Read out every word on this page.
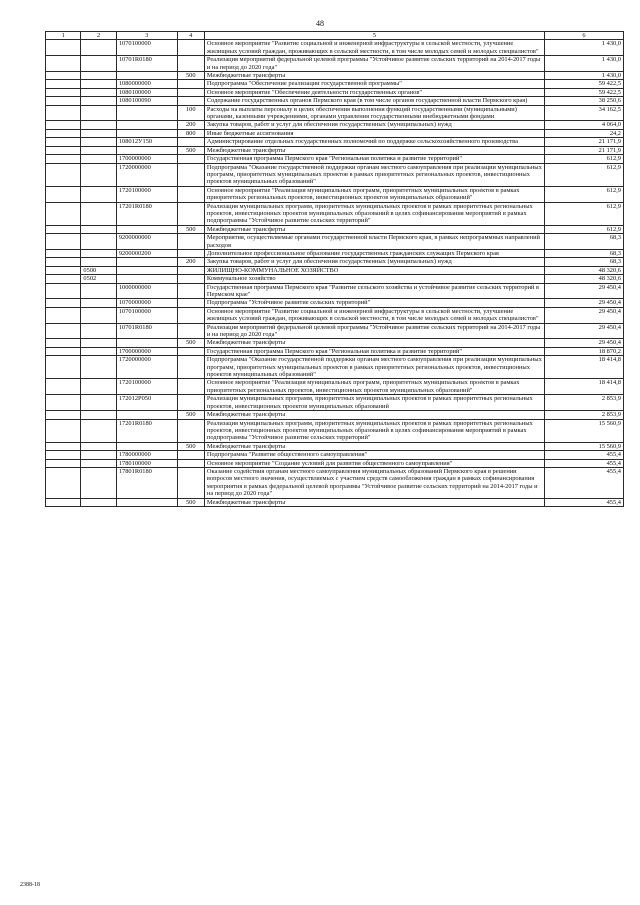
48
1	2	3	4	5	6
		1070100000		Основное мероприятие "Развитие социальной и инженерной инфраструктуры в сельской местности, улучшение жилищных условий граждан, проживающих в сельской местности, в том числе молодых семей и молодых специалистов"	1 430,0
		10701R0180		Реализация мероприятий федеральной целевой программы "Устойчивое развитие сельских территорий на 2014-2017 годы и на период до 2020 года"	1 430,0
			500	Межбюджетные трансферты	1 430,0
		1080000000		Подпрограмма "Обеспечение реализации государственной программы"	59 422,5
		1080100000		Основное мероприятие "Обеспечение деятельности государственных органов"	59 422,5
		1080100090		Содержание государственных органов Пермского края (в том числе органов государственной власти Пермского края)	38 250,6
			100	Расходы на выплаты персоналу в целях обеспечения выполнения функций государственными (муниципальными) органами, казенными учреждениями, органами управления государственными внебюджетными фондами	34 162,5
			200	Закупка товаров, работ и услуг для обеспечения государственных (муниципальных) нужд	4 064,0
			800	Иные бюджетные ассигнования	24,2
		108012У150		Администрирование отдельных государственных полномочий по поддержке сельскохозяйственного производства	21 171,9
			500	Межбюджетные трансферты	21 171,9
		1700000000		Государственная программа Пермского края "Региональная политика и развитие территорий"	612,9
		1720000000		Подпрограмма "Оказание государственной поддержки органам местного самоуправления при реализации муниципальных программ, приоритетных муниципальных проектов в рамках приоритетных региональных проектов, инвестиционных проектов муниципальных образований"	612,9
		1720100000		Основное мероприятие "Реализация муниципальных программ, приоритетных муниципальных проектов в рамках приоритетных региональных проектов, инвестиционных проектов муниципальных образований"	612,9
		17201R0180		Реализация муниципальных программ, приоритетных муниципальных проектов в рамках приоритетных региональных проектов, инвестиционных проектов муниципальных образований в целях софинансирования мероприятий в рамках подпрограммы "Устойчивое развитие сельских территорий"	612,9
			500	Межбюджетные трансферты	612,9
		9200000000		Мероприятия, осуществляемые органами государственной власти Пермского края, в рамках непрограммных направлений расходов	68,3
		9200000200		Дополнительное профессиональное образование государственных гражданских служащих Пермского края	68,3
			200	Закупка товаров, работ и услуг для обеспечения государственных (муниципальных) нужд	68,3
	0500			ЖИЛИЩНО-КОММУНАЛЬНОЕ ХОЗЯЙСТВО	48 320,6
	0502			Коммунальное хозяйство	48 320,6
		1000000000		Государственная программа Пермского края "Развитие сельского хозяйства и устойчивое развитие сельских территорий в Пермском крае"	29 450,4
		1070000000		Подпрограмма "Устойчивое развитие сельских территорий"	29 450,4
		1070100000		Основное мероприятие "Развитие социальной и инженерной инфраструктуры в сельской местности, улучшение жилищных условий граждан, проживающих в сельской местности, в том числе молодых семей и молодых специалистов"	29 450,4
		10701R0180		Реализация мероприятий федеральной целевой программы "Устойчивое развитие сельских территорий на 2014-2017 годы и на период до 2020 года"	29 450,4
			500	Межбюджетные трансферты	29 450,4
		1700000000		Государственная программа Пермского края "Региональная политика и развитие территорий"	18 870,2
		1720000000		Подпрограмма "Оказание государственной поддержки органам местного самоуправления при реализации муниципальных программ, приоритетных муниципальных проектов в рамках приоритетных региональных проектов, инвестиционных проектов муниципальных образований"	18 414,8
		1720100000		Основное мероприятие "Реализация муниципальных программ, приоритетных муниципальных проектов в рамках приоритетных региональных проектов, инвестиционных проектов муниципальных образований"	18 414,8
		172012P050		Реализация муниципальных программ, приоритетных муниципальных проектов в рамках приоритетных региональных проектов, инвестиционных проектов муниципальных образований	2 853,9
			500	Межбюджетные трансферты	2 853,9
		17201R0180		Реализация муниципальных программ, приоритетных муниципальных проектов в рамках приоритетных региональных проектов, инвестиционных проектов муниципальных образований в целях софинансирования мероприятий в рамках подпрограммы "Устойчивое развитие сельских территорий"	15 560,9
			500	Межбюджетные трансферты	15 560,9
		1780000000		Подпрограмма "Развитие общественного самоуправления"	455,4
		1780100000		Основное мероприятие "Создание условий для развития общественного самоуправления"	455,4
		17801R0180		Оказание содействия органам местного самоуправления муниципальных образований Пермского края в решении вопросов местного значения, осуществляемых с участием средств самообложения граждан в рамках софинансирования мероприятия в рамках федеральной целевой программы "Устойчивое развитие сельских территорий на 2014-2017 годы и на период до 2020 года"	455,4
			500	Межбюджетные трансферты	455,4
2388-18
